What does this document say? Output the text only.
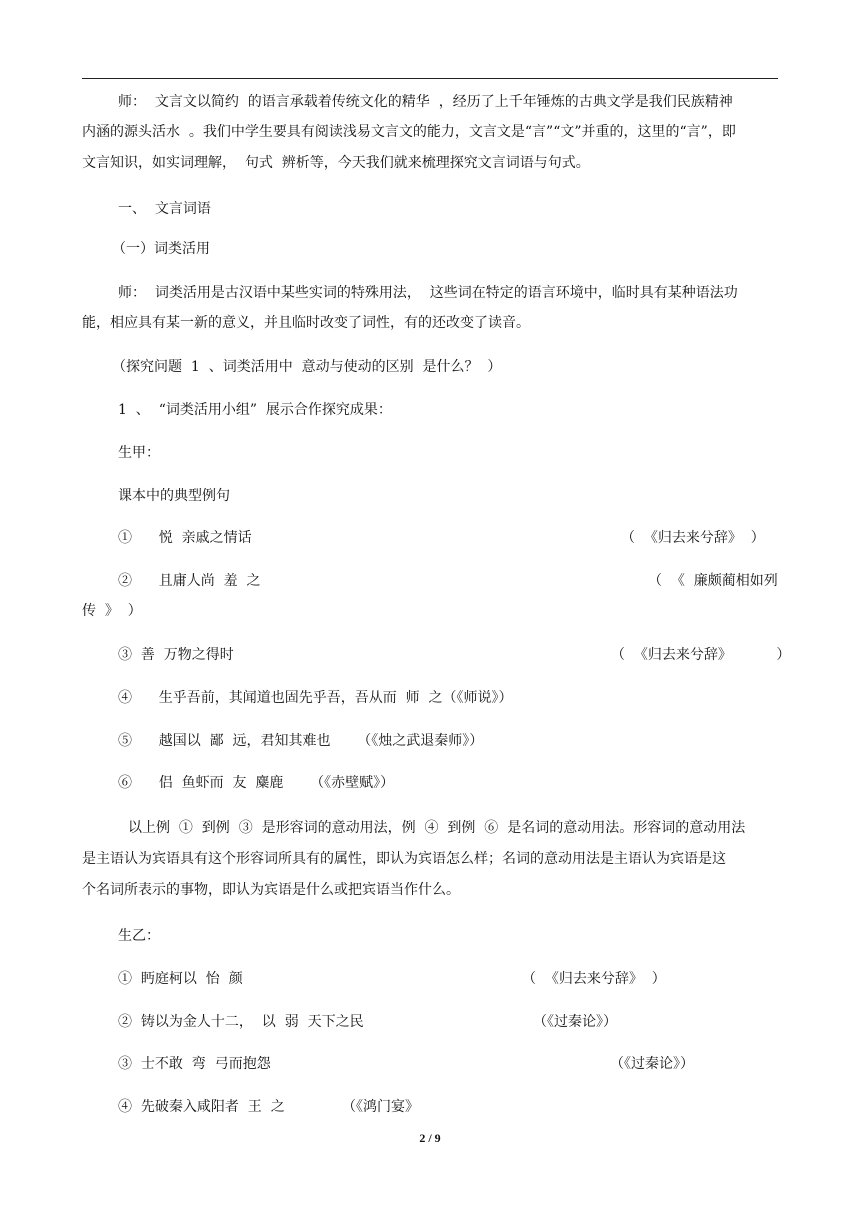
师：  文言文以简约  的语言承载着传统文化的精华  ，经历了上千年锤炼的古典文学是我们民族精神
内涵的源头活水  。我们中学生要具有阅读浅易文言文的能力，文言文是“言”“文”并重的，这里的“言”，即
文言知识，如实词理解，  句式  辨析等，今天我们就来梳理探究文言词语与句式。
一、  文言词语
（一）词类活用
师：  词类活用是古汉语中某些实词的特殊用法，  这些词在特定的语言环境中，临时具有某种语法功
能，相应具有某一新的意义，并且临时改变了词性，有的还改变了读音。
（探究问题  1  、词类活用中  意动与使动的区别  是什么？  ）
1  、  “词类活用小组”  展示合作探究成果：
生甲：
课本中的典型例句
①      悦  亲戚之情话	（  《归去来兮辞》  ）
②      且庸人尚  羞  之	（  《  廉颇蔺相如列
传  》  ）
③  善  万物之得时	（  《归去来兮辞》          ）
④      生乎吾前，其闻道也固先乎吾，吾从而  师  之（《师说》）
⑤      越国以  鄙  远，君知其难也      （《烛之武退秦师》）
⑥      侣  鱼虾而  友  麋鹿      （《赤壁赋》）
以上例  ①  到例  ③  是形容词的意动用法，例  ④  到例  ⑥  是名词的意动用法。形容词的意动用法
是主语认为宾语具有这个形容词所具有的属性，即认为宾语怎么样；名词的意动用法是主语认为宾语是这
个名词所表示的事物，即认为宾语是什么或把宾语当作什么。
生乙：
①  眄庭柯以  怡  颜	（  《归去来兮辞》  ）
②  铸以为金人十二，  以  弱  天下之民	（《过秦论》）
③  士不敢  弯  弓而抱怨	（《过秦论》）
④  先破秦入咸阳者  王  之	（《鸿门宴》
2 / 9
